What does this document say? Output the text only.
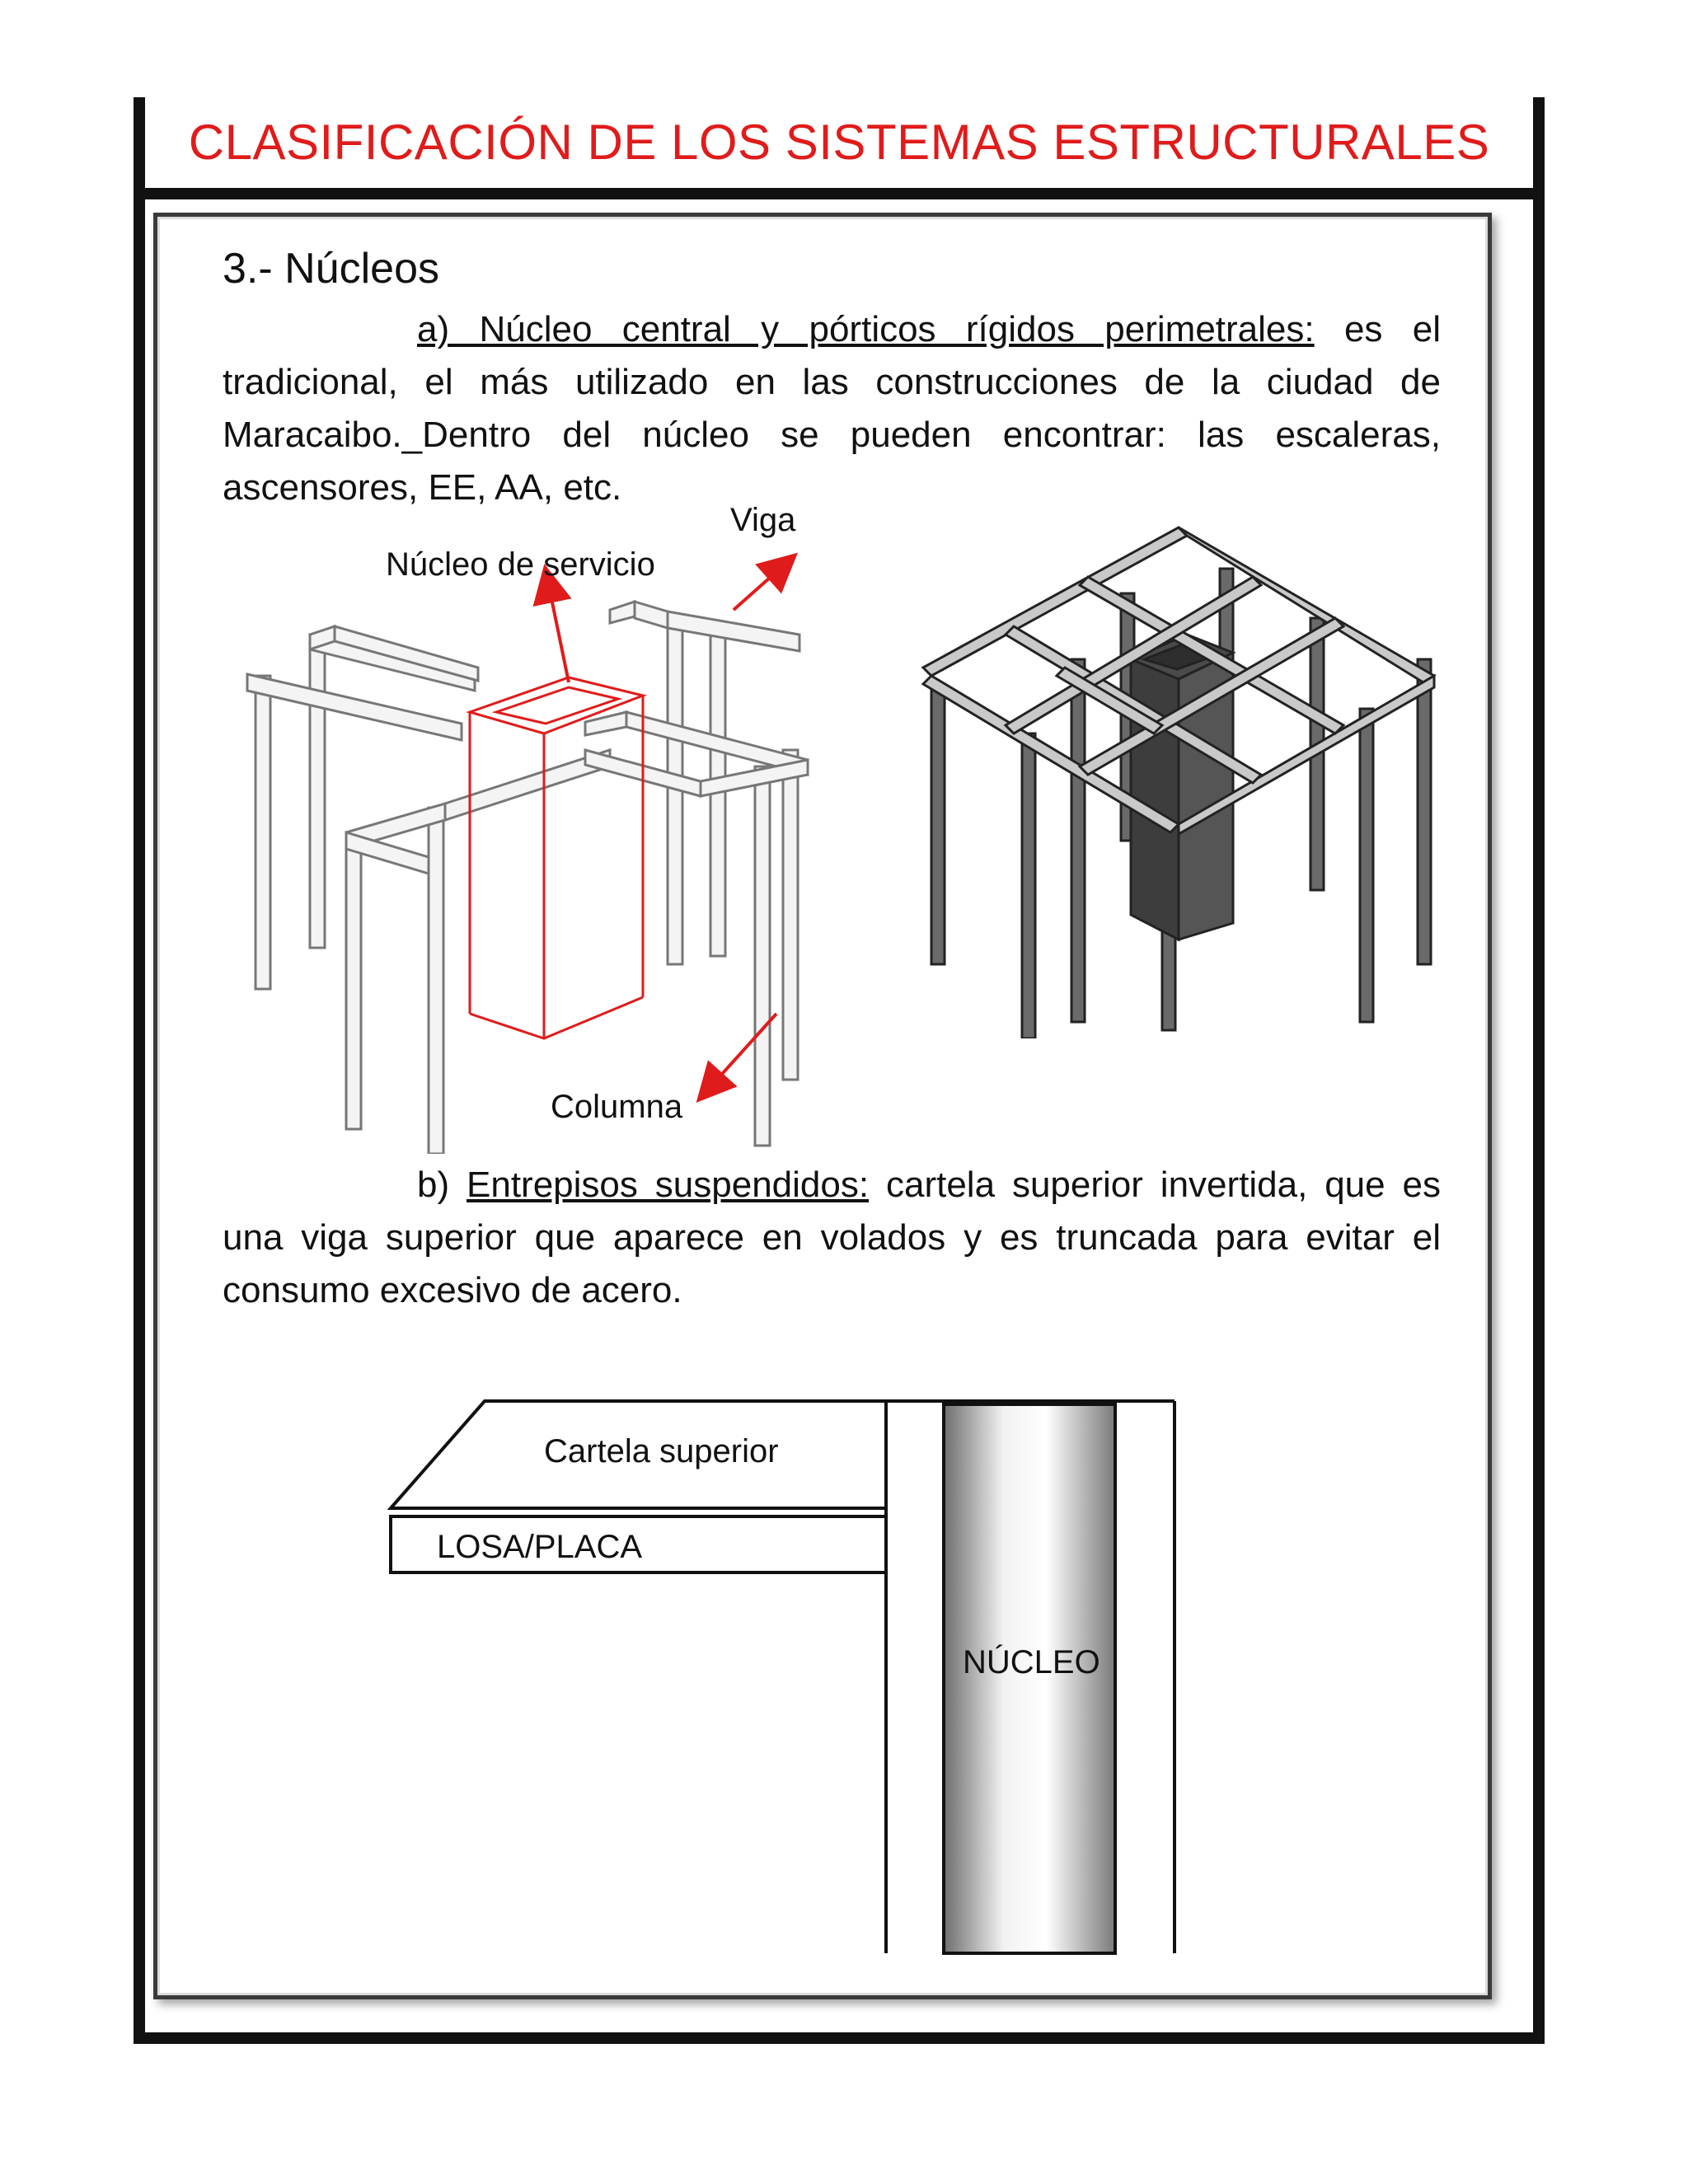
CLASIFICACIÓN DE LOS SISTEMAS ESTRUCTURALES
3.- Núcleos
a) Núcleo central y pórticos rígidos perimetrales: es el tradicional, el más utilizado en las construcciones de la ciudad de Maracaibo._Dentro del núcleo se pueden encontrar: las escaleras, ascensores, EE, AA, etc.
Viga
Núcleo de servicio
Columna
b) Entrepisos suspendidos: cartela superior invertida, que es una viga superior que aparece en volados y es truncada para evitar el consumo excesivo de acero.
Cartela superior
LOSA/PLACA
NÚCLEO
